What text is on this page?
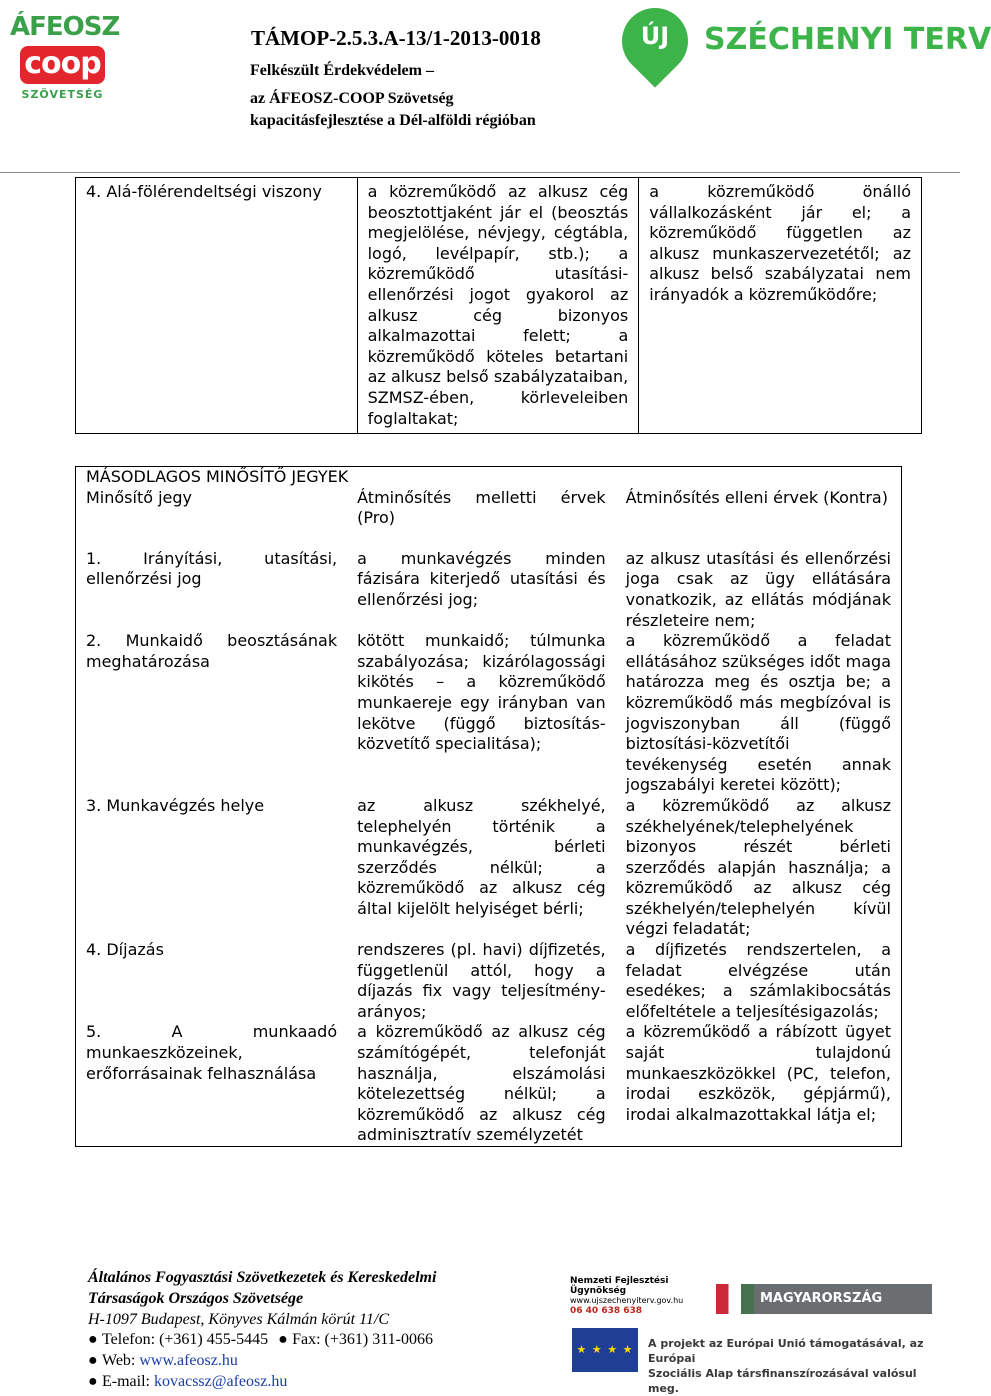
ÁFEOSZ
coop
SZÖVETSÉG
TÁMOP-2.5.3.A-13/1-2013-0018
Felkészült Érdekvédelem –
az ÁFEOSZ-COOP Szövetség
kapacitásfejlesztése a Dél-alföldi régióban
ÚJ	SZÉCHENYI TERV
4. Alá-fölérendeltségi viszony	a közreműködő az alkusz cég beosztottjaként jár el (beosztás megjelölése, névjegy, cégtábla, logó, levélpapír, stb.); a közreműködő utasítási-ellenőrzési jogot gyakorol az alkusz cég bizonyos alkalmazottai felett; a közreműködő köteles betartani az alkusz belső szabályzataiban, SZMSZ-ében, körleveleiben foglaltakat;	a közreműködő önálló vállalkozásként jár el; a közreműködő független az alkusz munkaszervezetétől; az alkusz belső szabályzatai nem irányadók a közreműködőre;
MÁSODLAGOS MINŐSÍTŐ JEGYEK		
Minősítő jegy	Átminősítés melletti érvek (Pro)	Átminősítés elleni érvek (Kontra)

1. Irányítási, utasítási, ellenőrzési jog	a munkavégzés minden fázisára kiterjedő utasítási és ellenőrzési jog;	az alkusz utasítási és ellenőrzési joga csak az ügy ellátására vonatkozik, az ellátás módjának részleteire nem;
2. Munkaidő beosztásának meghatározása	kötött munkaidő; túlmunka szabályozása; kizárólagossági kikötés – a közreműködő munkaereje egy irányban van lekötve (függő biztosítás-közvetítő specialitása);	a közreműködő a feladat ellátásához szükséges időt maga határozza meg és osztja be; a közreműködő más megbízóval is jogviszonyban áll (függő biztosítási-közvetítői tevékenység esetén annak jogszabályi keretei között);
3. Munkavégzés helye	az alkusz székhelyé, telephelyén történik a munkavégzés, bérleti szerződés nélkül; a közreműködő az alkusz cég által kijelölt helyiséget bérli;	a közreműködő az alkusz székhelyének/telephelyének bizonyos részét bérleti szerződés alapján használja; a közreműködő az alkusz cég székhelyén/telephelyén kívül végzi feladatát;
4. Díjazás	rendszeres (pl. havi) díjfizetés, függetlenül attól, hogy a díjazás fix vagy teljesítmény-arányos;	a díjfizetés rendszertelen, a feladat elvégzése után esedékes; a számlakibocsátás előfeltétele a teljesítésigazolás;
5. A munkaadó munkaeszközeinek, erőforrásainak felhasználása	a közreműködő az alkusz cég számítógépét, telefonját használja, elszámolási kötelezettség nélkül; a közreműködő az alkusz cég adminisztratív személyzetét	a közreműködő a rábízott ügyet saját tulajdonú munkaeszközökkel (PC, telefon, irodai eszközök, gépjármű), irodai alkalmazottakkal látja el;
Általános Fogyasztási Szövetkezetek és Kereskedelmi
Társaságok Országos Szövetsége
H-1097 Budapest, Könyves Kálmán körút 11/C
● Telefon: (+361) 455-5445 ● Fax: (+361) 311-0066
● Web: www.afeosz.hu
● E-mail: kovacssz@afeosz.hu
Nemzeti Fejlesztési Ügynökség
www.ujszechenyiterv.gov.hu
06 40 638 638
MAGYARORSZÁG MEGÚJUL
★ ★ ★ ★	A projekt az Európai Unió támogatásával, az Európai
Szociális Alap társfinanszírozásával valósul meg.
